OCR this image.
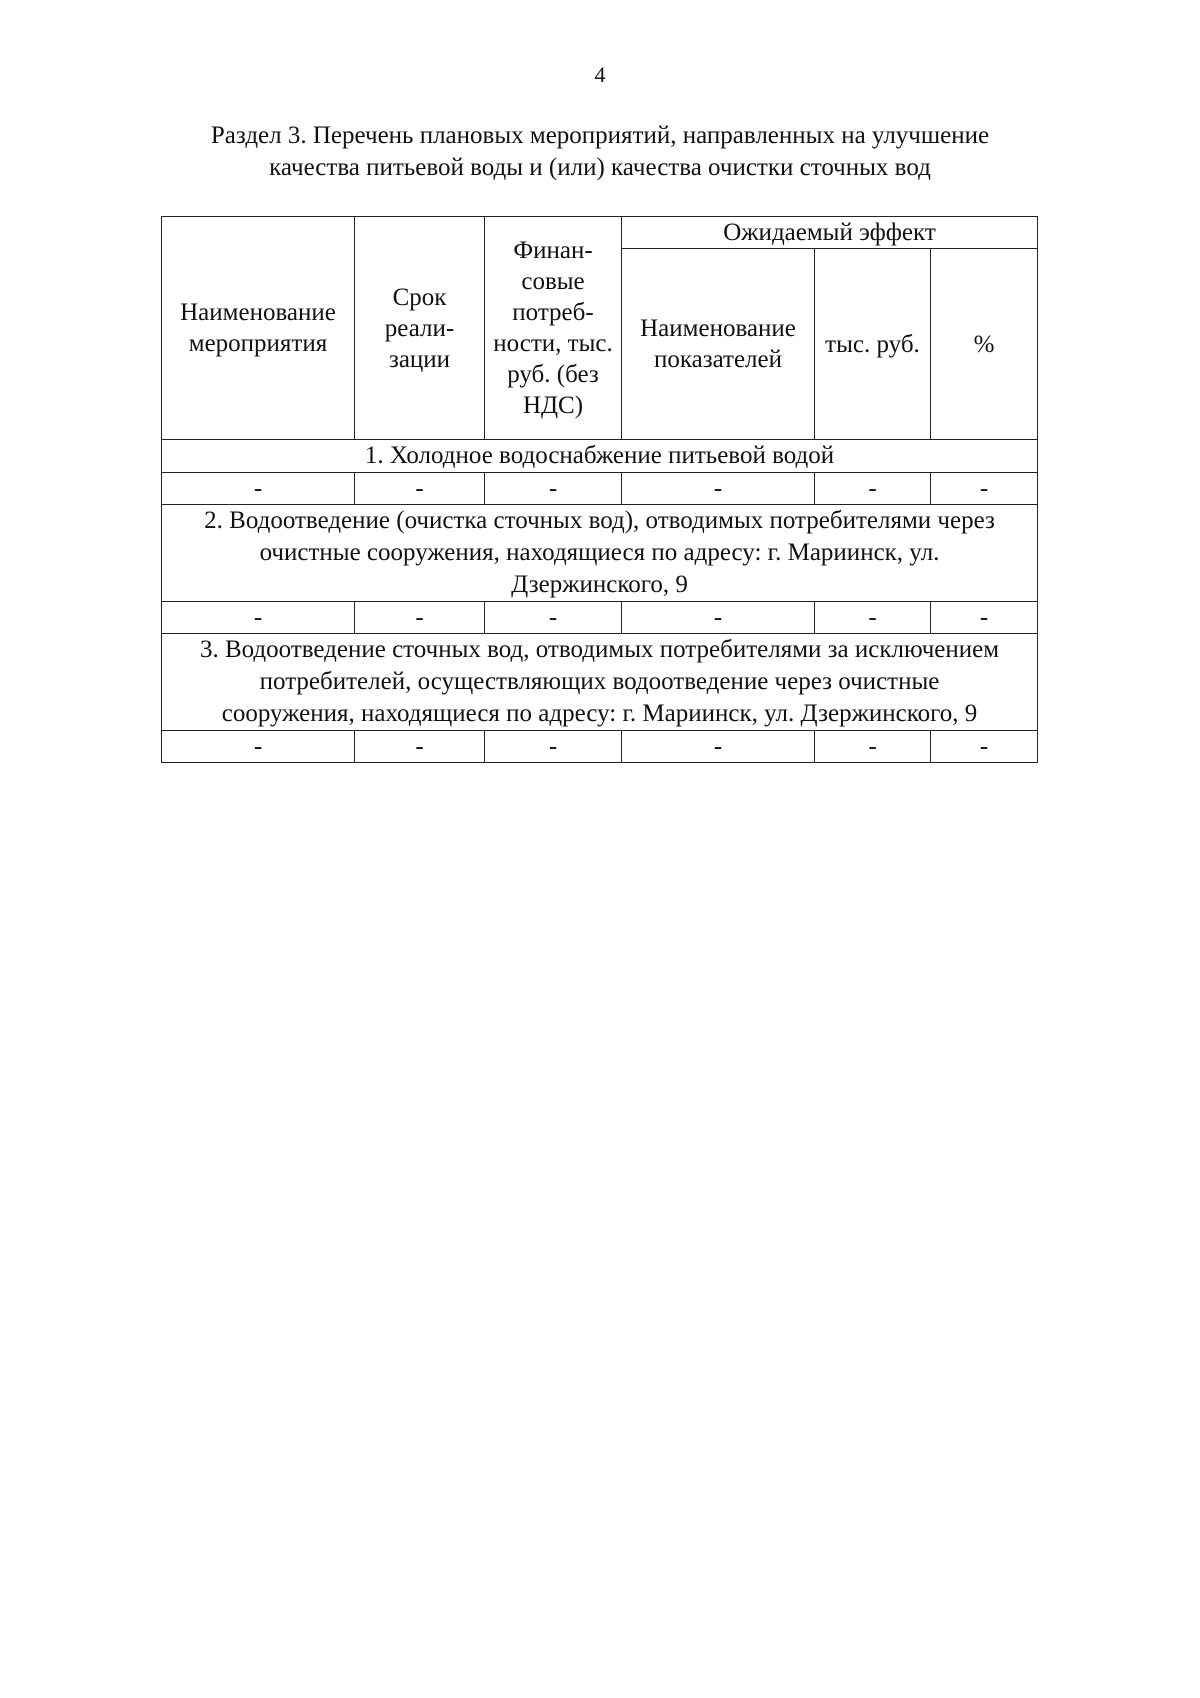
4
Раздел 3. Перечень плановых мероприятий, направленных на улучшение
качества питьевой воды и (или) качества очистки сточных вод
Наименование мероприятия	Срок реали-зации	Финан-совые потреб-ности, тыс. руб. (без НДС)	Ожидаемый эффект		
			Наименование показателей	тыс. руб.	%
1. Холодное водоснабжение питьевой водой					
-	-	-	-	-	-
2. Водоотведение (очистка сточных вод), отводимых потребителями через очистные сооружения, находящиеся по адресу: г. Мариинск, ул. Дзержинского, 9					
-	-	-	-	-	-
3. Водоотведение сточных вод, отводимых потребителями за исключением потребителей, осуществляющих водоотведение через очистные сооружения, находящиеся по адресу: г. Мариинск, ул. Дзержинского, 9					
-	-	-	-	-	-
